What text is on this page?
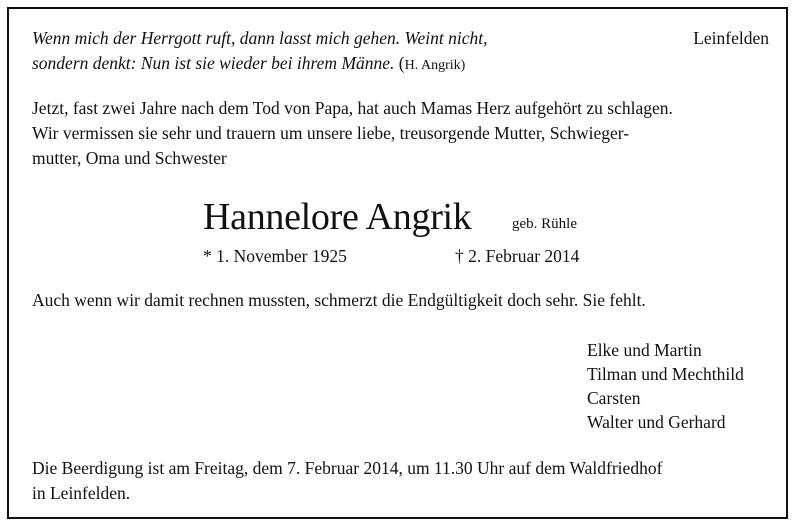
Wenn mich der Herrgott ruft, dann lasst mich gehen. Weint nicht,
sondern denkt: Nun ist sie wieder bei ihrem Männe. (H. Angrik)

Leinfelden

Jetzt, fast zwei Jahre nach dem Tod von Papa, hat auch Mamas Herz aufgehört zu schlagen.
Wir vermissen sie sehr und trauern um unsere liebe, treusorgende Mutter, Schwieger-
mutter, Oma und Schwester

Hannelore Angrik	geb. Rühle

* 1. November 1925	† 2. Februar 2014

Auch wenn wir damit rechnen mussten, schmerzt die Endgültigkeit doch sehr. Sie fehlt.

Elke und Martin
Tilman und Mechthild
Carsten
Walter und Gerhard

Die Beerdigung ist am Freitag, dem 7. Februar 2014, um 11.30 Uhr auf dem Waldfriedhof
in Leinfelden.
